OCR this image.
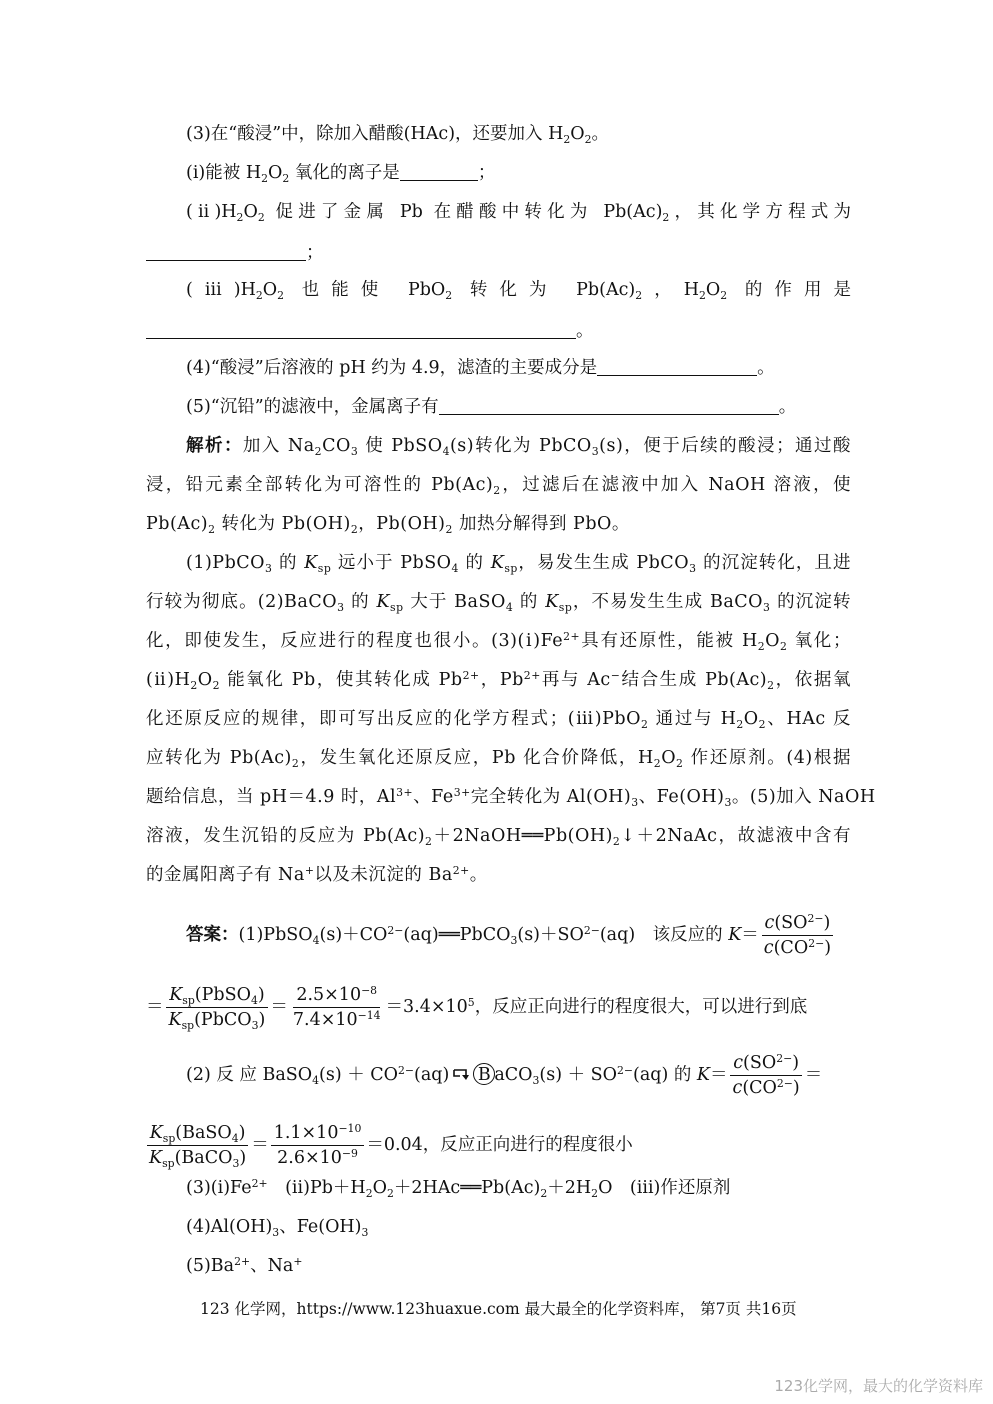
(3)在“酸浸”中，除加入醋酸(HAc)，还要加入 $H_2O_2$。
(ⅰ)能被 $H_2O_2$ 氧化的离子是	；
$(ⅱ)H_2O_2$ 促进了金属 Pb 在醋酸中转化为 $Pb(Ac)_2$，其化学方程式为
；
$(ⅲ)H_2O_2$ 也能使 PbO$_2$ 转化为 $Pb(Ac)_2$，$H_2O_2$ 的作用是
。
(4)“酸浸”后溶液的 pH 约为 4.9，滤渣的主要成分是	。
(5)“沉铅”的滤液中，金属离子有	。
解析：加入 $Na_2CO_3$ 使 PbSO$_4$(s)转化为 PbCO$_3$(s)，便于后续的酸浸；通过酸
浸，铅元素全部转化为可溶性的 $Pb(Ac)_2$，过滤后在滤液中加入 NaOH 溶液，使
$Pb(Ac)_2$ 转化为 $Pb(OH)_2$，$Pb(OH)_2$ 加热分解得到 PbO。
(1)PbCO$_3$ 的 $K_{sp}$ 远小于 PbSO$_4$ 的 $K_{sp}$，易发生生成 PbCO$_3$ 的沉淀转化，且进
行较为彻底。(2)BaCO$_3$ 的 $K_{sp}$ 大于 BaSO$_4$ 的 $K_{sp}$，不易发生生成 BaCO$_3$ 的沉淀转
化，即使发生，反应进行的程度也很小。$(3)(ⅰ)Fe^{2+}$具有还原性，能被 $H_2O_2$ 氧化；
$(ⅱ)H_2O_2$ 能氧化 Pb，使其转化成 $Pb^{2+}$，$Pb^{2+}$再与 Ac−结合生成 $Pb(Ac)_2$，依据氧
化还原反应的规律，即可写出反应的化学方程式；(ⅲ)PbO$_2$ 通过与 $H_2O_2$、HAc 反
应转化为 $Pb(Ac)_2$，发生氧化还原反应，Pb 化合价降低，$H_2O_2$ 作还原剂。(4)根据
题给信息，当 pH＝4.9 时，$Al^{3+}$、$Fe^{3+}$完全转化为 $Al(OH)_3$、$Fe(OH)_3$。(5)加入 NaOH
溶液，发生沉铅的反应为 $Pb(Ac)_2+2NaOH══Pb(OH)_2↓+2NaAc$，故滤液中含有
的金属阳离子有 Na+以及未沉淀的 $Ba^{2+}$。
答案：$(1)PbSO_4(s)+CO^{2-}(aq)══PbCO_3(s)+SO^{2-}(aq)$　该反应的 $K= \frac{c(SO^{2-})}{c(CO^{2-})}$
＝ $\frac{K_{sp}(PbSO_4)}{K_{sp}(PbCO_3)} = \frac{2.5\times 10^{-8}}{7.4\times 10^{-14}} =3.4\times 10^5$，反应正向进行的程度很大，可以进行到底
(2) 反 应 BaSO$_4$(s) ＋ $CO^{2-}(aq)$ B $aCO_3(s) + SO^{2-}(aq)$ 的 $K= \frac{c(SO^{2-})}{c(CO^{2-})}$ ＝
$\frac{K_{sp}(BaSO_4)}{K_{sp}(BaCO_3)} = \frac{1.1\times 10^{-10}}{2.6\times 10^{-9}} =0.04$，反应正向进行的程度很小
$(3)(ⅰ)Fe^{2+}$　$(ⅱ)Pb+H_2O_2+2HAc══Pb(Ac)_2+2H_2O$　(ⅲ)作还原剂
$(4)Al(OH)_3$、$Fe(OH)_3$
$(5)Ba^{2+}$、Na+
123 化学网，https://www.123huaxue.com 最大最全的化学资料库， 第7页 共16页
123化学网，最大的化学资料库
